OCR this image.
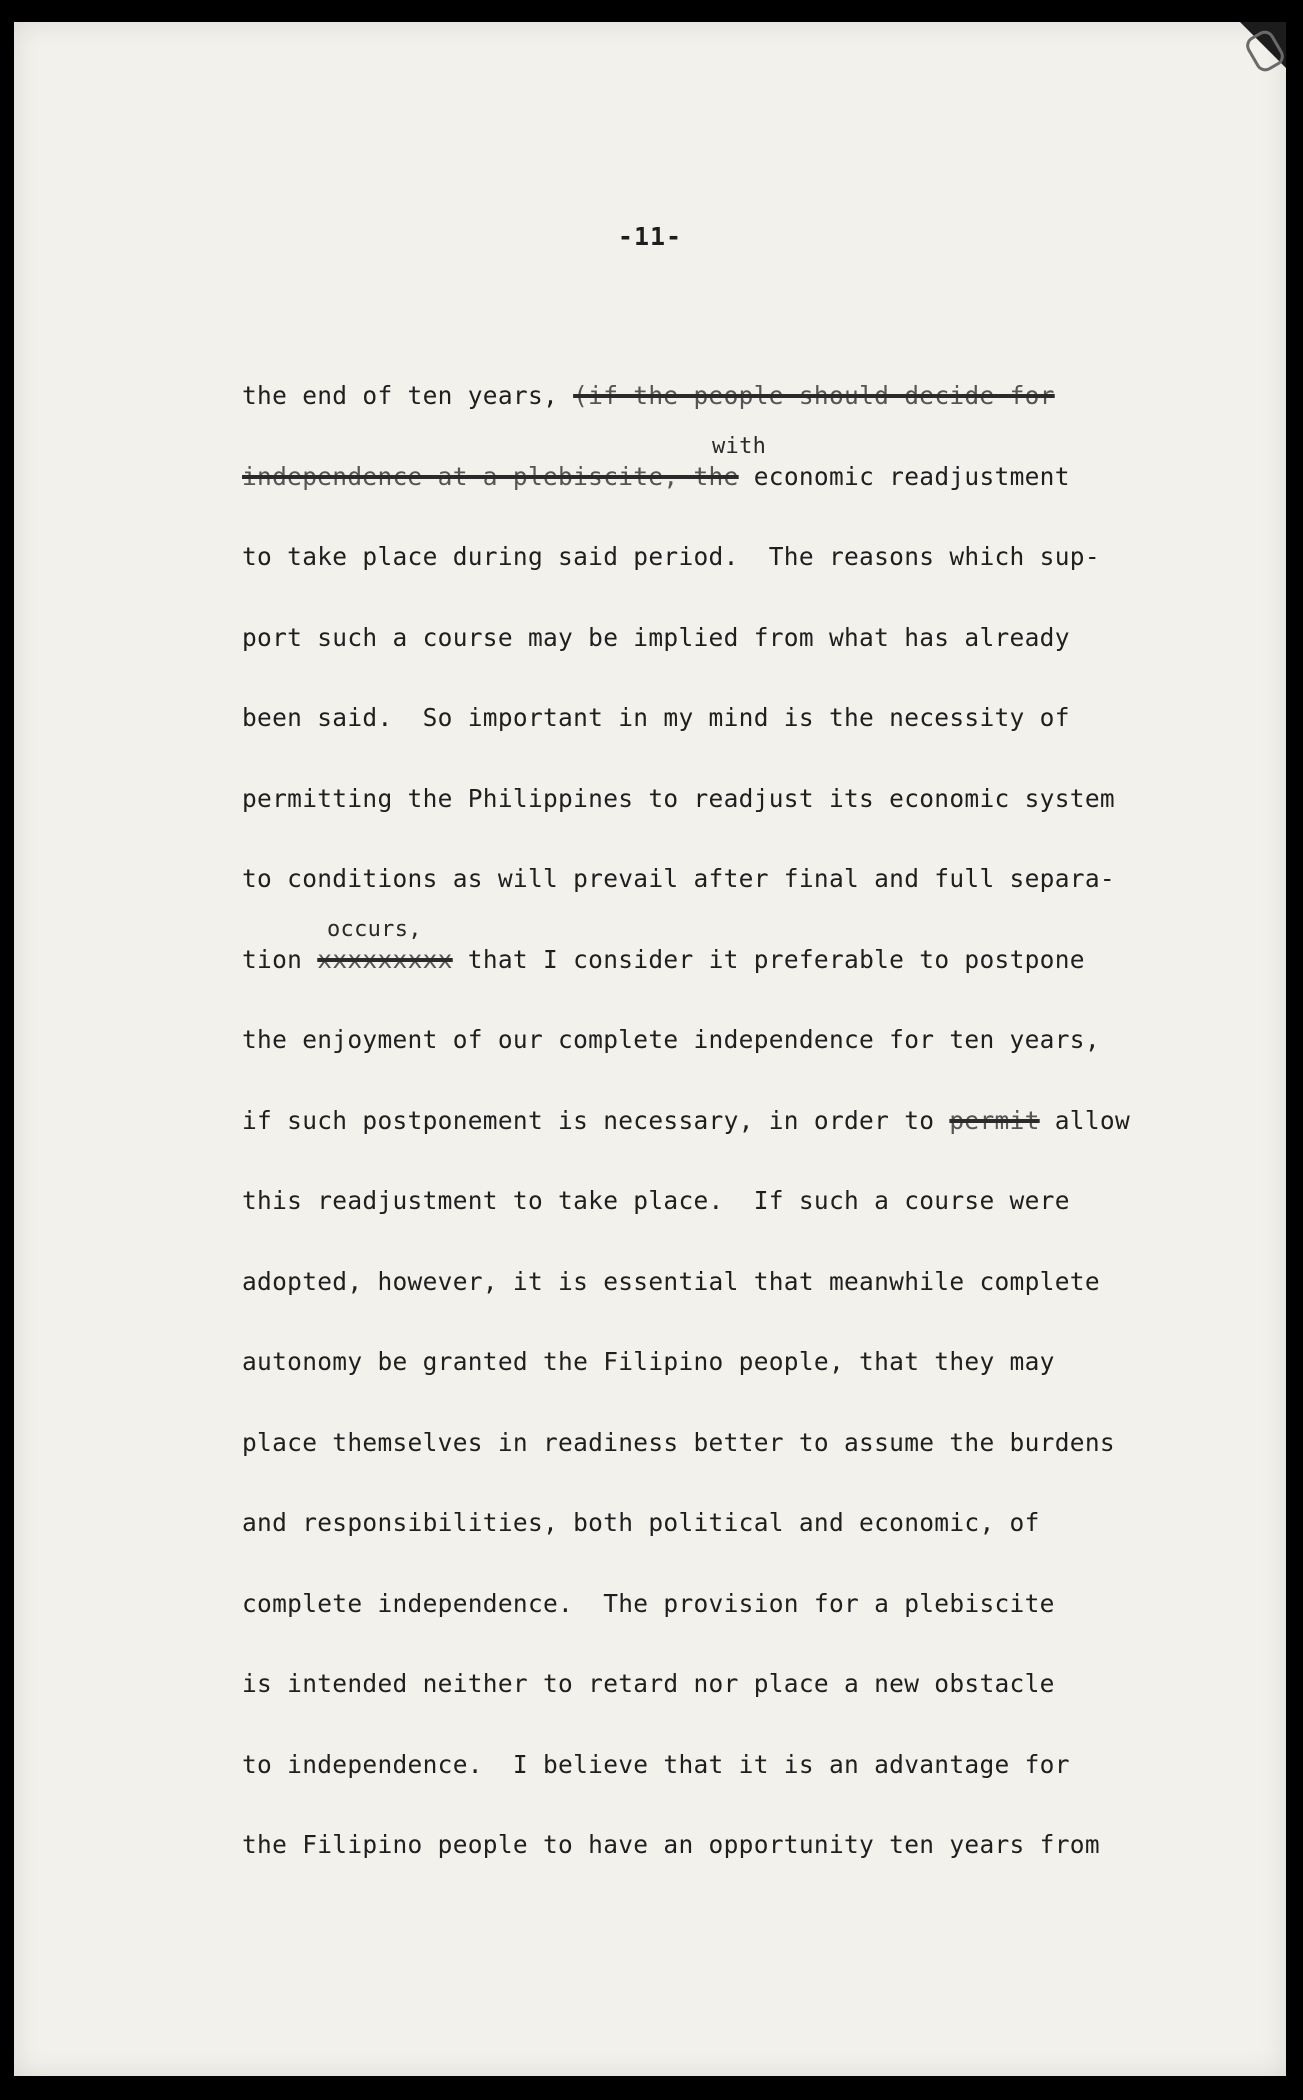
-11-
the end of ten years, (if the people should decide for
with
independence at a plebiscite, the economic readjustment
to take place during said period.  The reasons which sup-
port such a course may be implied from what has already
been said.  So important in my mind is the necessity of
permitting the Philippines to readjust its economic system
to conditions as will prevail after final and full separa-
occurs,
tion xxxxxxxxx that I consider it preferable to postpone
the enjoyment of our complete independence for ten years,
if such postponement is necessary, in order to permit allow
this readjustment to take place.  If such a course were
adopted, however, it is essential that meanwhile complete
autonomy be granted the Filipino people, that they may
place themselves in readiness better to assume the burdens
and responsibilities, both political and economic, of
complete independence.  The provision for a plebiscite
is intended neither to retard nor place a new obstacle
to independence.  I believe that it is an advantage for
the Filipino people to have an opportunity ten years from
